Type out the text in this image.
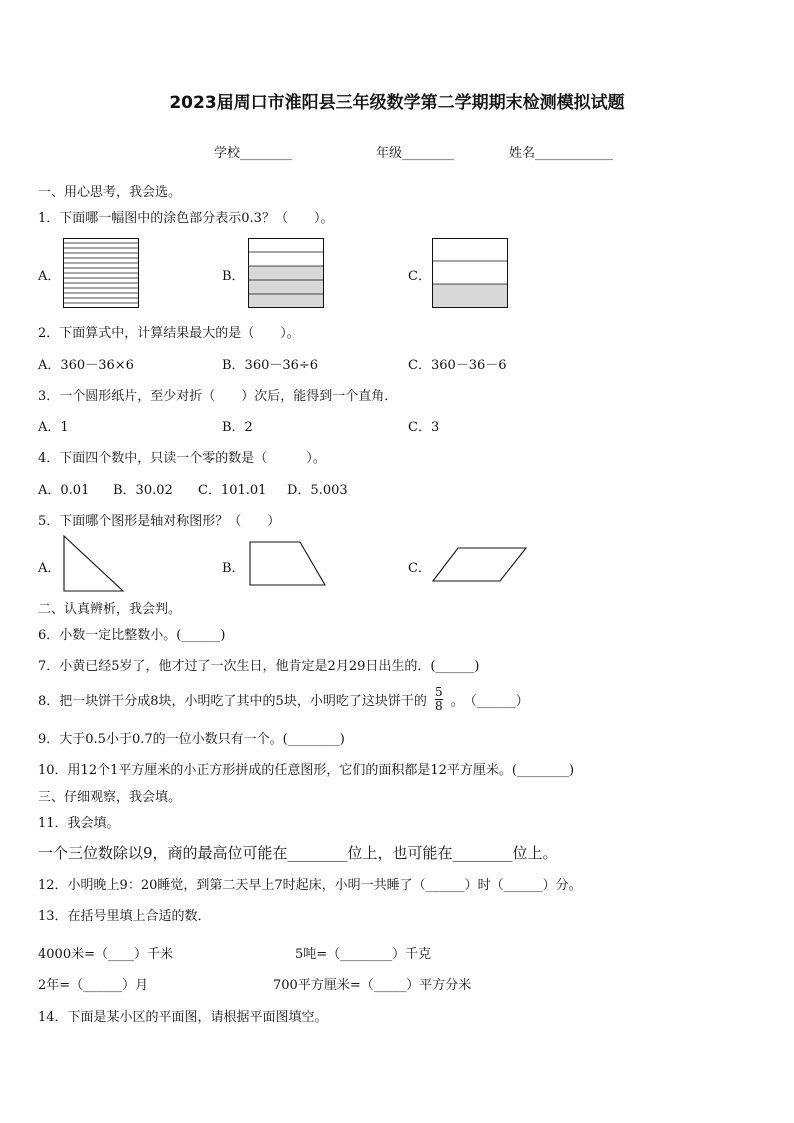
2023届周口市淮阳县三年级数学第二学期期末检测模拟试题
学校________	年级________	姓名____________
一、用心思考，我会选。
1．下面哪一幅图中的涂色部分表示0.3？（　　）。
A．	B．	C．
2．下面算式中，计算结果最大的是（　　）。
A．360－36×6	B．360－36÷6	C．360－36－6
3．一个圆形纸片，至少对折（　　）次后，能得到一个直角．
A．1	B．2	C．3
4．下面四个数中，只读一个零的数是（　　　）。
A．0.01 B．30.02 C．101.01 D．5.003
5．下面哪个图形是轴对称图形？（　　）
A．	B．	C．
二、认真辨析，我会判。
6．小数一定比整数小。(______)
7．小黄已经5岁了，他才过了一次生日，他肯定是2月29日出生的．(______)
8．把一块饼干分成8块，小明吃了其中的5块，小明吃了这块饼干的 $\frac{5}{8}$ 。　（______）
9．大于0.5小于0.7的一位小数只有一个。(________)
10．用12个1平方厘米的小正方形拼成的任意图形，它们的面积都是12平方厘米。(________)
三、仔细观察，我会填。
11．我会填。
一个三位数除以9，商的最高位可能在________位上，也可能在________位上。
12．小明晚上9：20睡觉，到第二天早上7时起床，小明一共睡了（______）时（______）分。
13．在括号里填上合适的数．
4000米=（____）千米	5吨=（________）千克
2年=（______）月	700平方厘米=（_____）平方分米
14．下面是某小区的平面图，请根据平面图填空。
